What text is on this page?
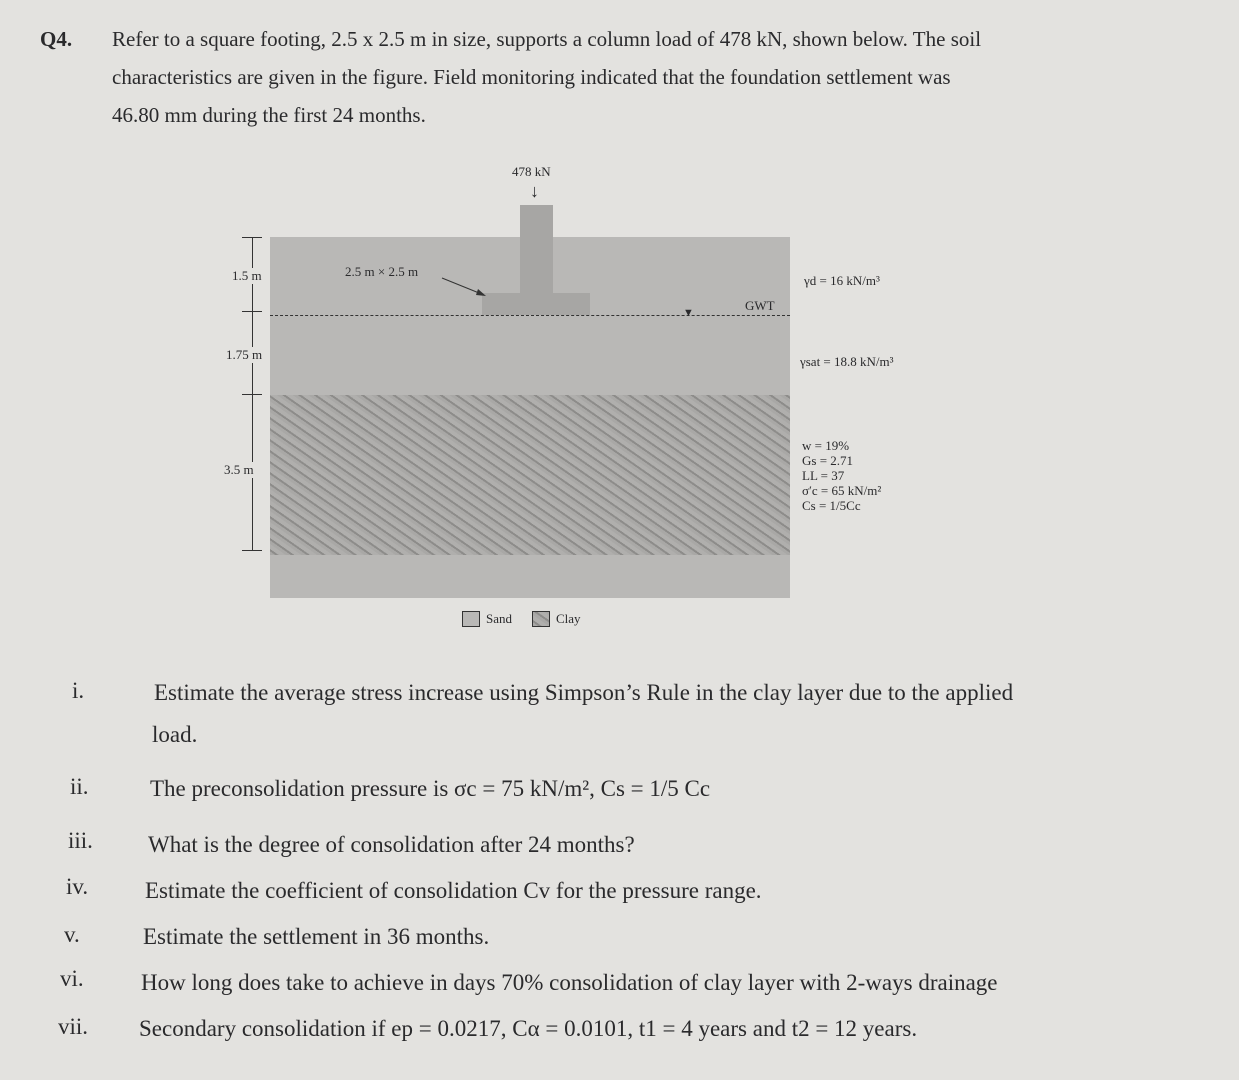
Q4. Refer to a square footing, 2.5 x 2.5 m in size, supports a column load of 478 kN, shown below. The soil
characteristics are given in the figure. Field monitoring indicated that the foundation settlement was
46.80 mm during the first 24 months.
478 kN
↓
▼	GWT
2.5 m × 2.5 m
1.5 m
1.75 m
3.5 m
γd = 16 kN/m³
γsat = 18.8 kN/m³
w = 19%
Gs = 2.71
LL = 37
σ′c = 65 kN/m²
Cs = 1/5Cc
Sand	Clay
i.	Estimate the average stress increase using Simpson’s Rule in the clay layer due to the applied
load.
ii.	The preconsolidation pressure is σc = 75 kN/m², Cs = 1/5 Cc
iii. What is the degree of consolidation after 24 months?
iv. Estimate the coefficient of consolidation Cv for the pressure range.
v.	Estimate the settlement in 36 months.
vi. How long does take to achieve in days 70% consolidation of clay layer with 2-ways drainage
vii. Secondary consolidation if ep = 0.0217, Cα = 0.0101, t1 = 4 years and t2 = 12 years.
